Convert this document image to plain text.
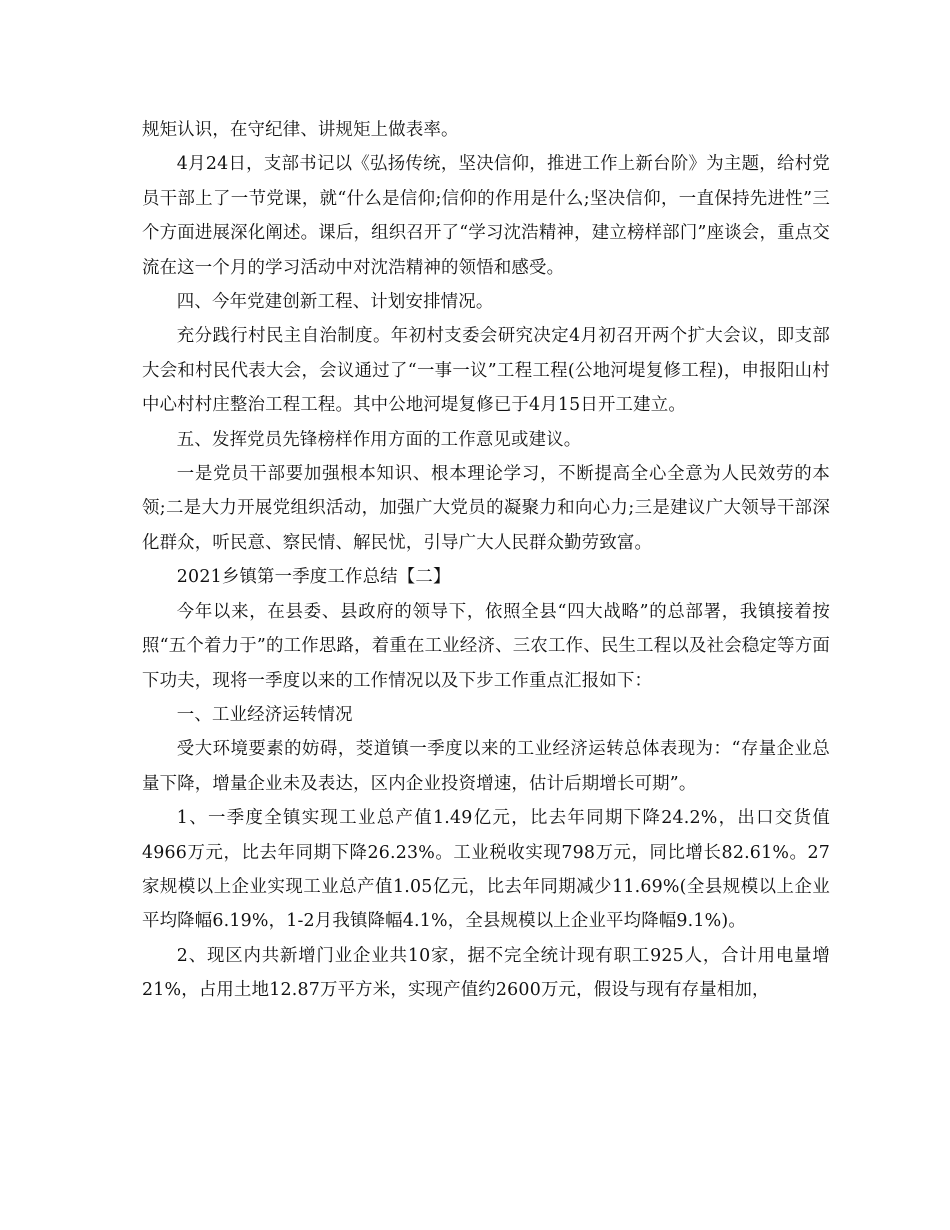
规矩认识，在守纪律、讲规矩上做表率。

4月24日，支部书记以《弘扬传统，坚决信仰，推进工作上新台阶》为主题，给村党员干部上了一节党课，就“什么是信仰;信仰的作用是什么;坚决信仰，一直保持先进性”三个方面进展深化阐述。课后，组织召开了“学习沈浩精神，建立榜样部门”座谈会，重点交流在这一个月的学习活动中对沈浩精神的领悟和感受。

四、今年党建创新工程、计划安排情况。

充分践行村民主自治制度。年初村支委会研究决定4月初召开两个扩大会议，即支部大会和村民代表大会，会议通过了“一事一议”工程工程(公地河堤复修工程)，申报阳山村中心村村庄整治工程工程。其中公地河堤复修已于4月15日开工建立。

五、发挥党员先锋榜样作用方面的工作意见或建议。

一是党员干部要加强根本知识、根本理论学习，不断提高全心全意为人民效劳的本领;二是大力开展党组织活动，加强广大党员的凝聚力和向心力;三是建议广大领导干部深化群众，听民意、察民情、解民忧，引导广大人民群众勤劳致富。

2021乡镇第一季度工作总结【二】

今年以来，在县委、县政府的领导下，依照全县“四大战略”的总部署，我镇接着按照“五个着力于”的工作思路，着重在工业经济、三农工作、民生工程以及社会稳定等方面下功夫，现将一季度以来的工作情况以及下步工作重点汇报如下：

一、工业经济运转情况

受大环境要素的妨碍，茭道镇一季度以来的工业经济运转总体表现为：“存量企业总量下降，增量企业未及表达，区内企业投资增速，估计后期增长可期”。

1、一季度全镇实现工业总产值1.49亿元，比去年同期下降24.2%，出口交货值4966万元，比去年同期下降26.23%。工业税收实现798万元，同比增长82.61%。27家规模以上企业实现工业总产值1.05亿元，比去年同期减少11.69%(全县规模以上企业平均降幅6.19%，1-2月我镇降幅4.1%，全县规模以上企业平均降幅9.1%)。

2、现区内共新增门业企业共10家，据不完全统计现有职工925人，合计用电量增21%，占用土地12.87万平方米，实现产值约2600万元，假设与现有存量相加，
